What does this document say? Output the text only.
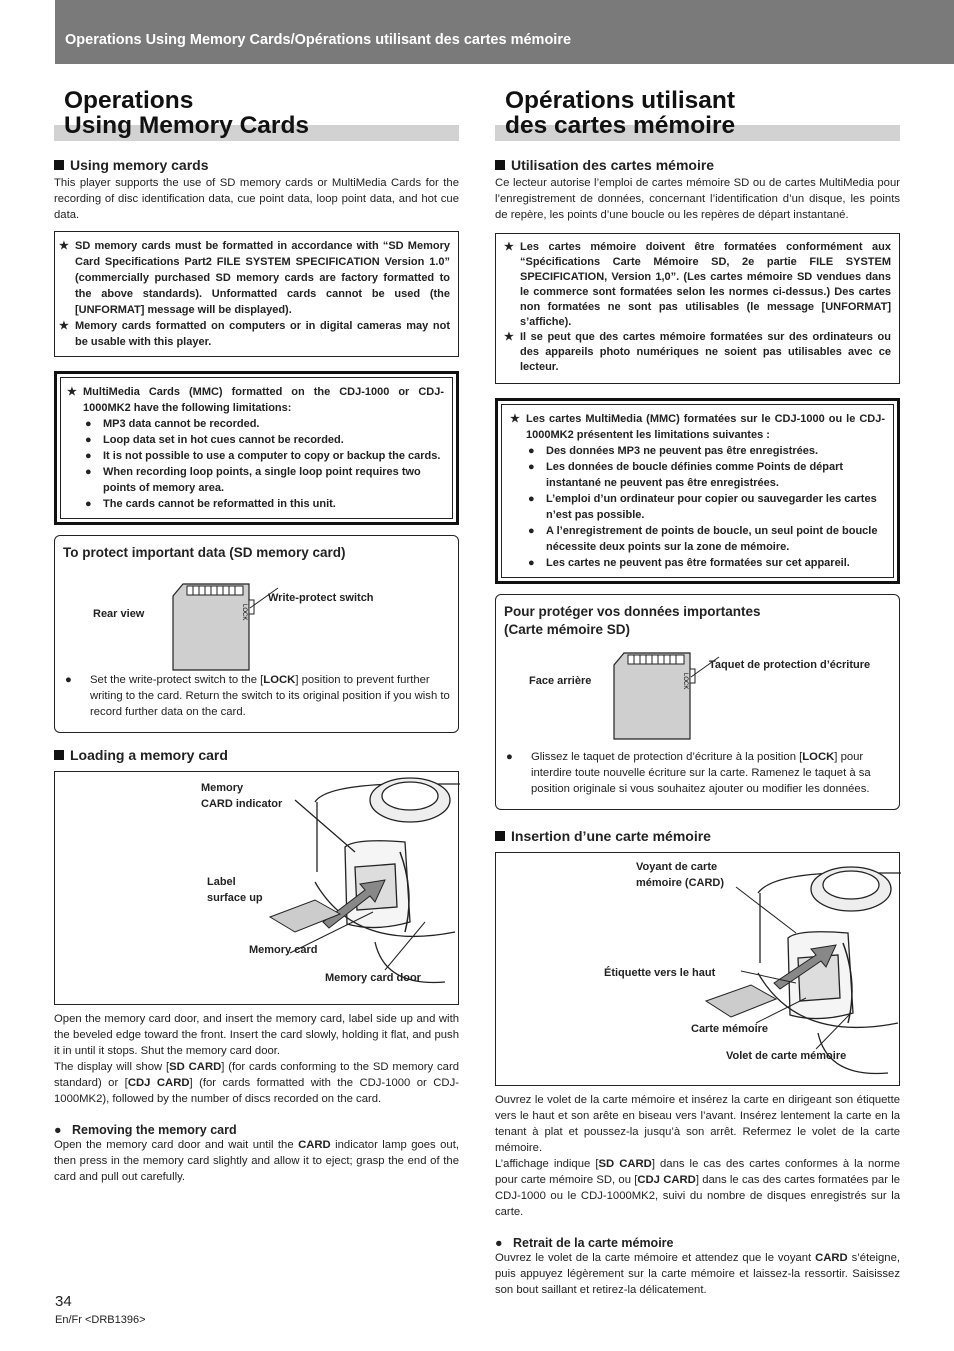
Operations Using Memory Cards/Opérations utilisant des cartes mémoire
Operations
Using Memory Cards
Using memory cards

This player supports the use of SD memory cards or MultiMedia Cards for the recording of disc identification data, cue point data, loop point data, and hot cue data.

★ SD memory cards must be formatted in accordance with “SD Memory Card Specifications Part2 FILE SYSTEM SPECIFICATION Version 1.0” (commercially purchased SD memory cards are factory formatted to the above standards). Unformatted cards cannot be used (the [UNFORMAT] message will be displayed).
★ Memory cards formatted on computers or in digital cameras may not be usable with this player.
★ MultiMedia Cards (MMC) formatted on the CDJ-1000 or CDJ-1000MK2 have the following limitations:
●	MP3 data cannot be recorded.
●	Loop data set in hot cues cannot be recorded.
●	It is not possible to use a computer to copy or backup the cards.
●	When recording loop points, a single loop point requires two points of memory area.
●	The cards cannot be reformatted in this unit.
To protect important data (SD memory card)
Rear view
Write-protect switch
LOCK
●	Set the write-protect switch to the [LOCK] position to prevent further writing to the card. Return the switch to its original position if you wish to record further data on the card.
Loading a memory card
Memory
CARD indicator
Label
surface up
Memory card
Memory card door

Open the memory card door, and insert the memory card, label side up and with the beveled edge toward the front. Insert the card slowly, holding it flat, and push it in until it stops. Shut the memory card door.

The display will show [SD CARD] (for cards conforming to the SD memory card standard) or [CDJ CARD] (for cards formatted with the CDJ-1000 or CDJ-1000MK2), followed by the number of discs recorded on the card.

● Removing the memory card

Open the memory card door and wait until the CARD indicator lamp goes out, then press in the memory card slightly and allow it to eject; grasp the end of the card and pull out carefully.

Opérations utilisant
des cartes mémoire
Utilisation des cartes mémoire

Ce lecteur autorise l’emploi de cartes mémoire SD ou de cartes MultiMedia pour l’enregistrement de données, concernant l’identification d’un disque, les points de repère, les points d’une boucle ou les repères de départ instantané.

★ Les cartes mémoire doivent être formatées conformément aux “Spécifications Carte Mémoire SD, 2e partie FILE SYSTEM SPECIFICATION, Version 1,0”. (Les cartes mémoire SD vendues dans le commerce sont formatées selon les normes ci-dessus.) Des cartes non formatées ne sont pas utilisables (le message [UNFORMAT] s’affiche).
★ Il se peut que des cartes mémoire formatées sur des ordinateurs ou des appareils photo numériques ne soient pas utilisables avec ce lecteur.
★ Les cartes MultiMedia (MMC) formatées sur le CDJ-1000 ou le CDJ-1000MK2 présentent les limitations suivantes :
●	Des données MP3 ne peuvent pas être enregistrées.
●	Les données de boucle définies comme Points de départ instantané ne peuvent pas être enregistrées.
●	L’emploi d’un ordinateur pour copier ou sauvegarder les cartes n’est pas possible.
●	A l’enregistrement de points de boucle, un seul point de boucle nécessite deux points sur la zone de mémoire.
●	Les cartes ne peuvent pas être formatées sur cet appareil.
Pour protéger vos données importantes
(Carte mémoire SD)
Face arrière
Taquet de protection d’écriture
LOCK
●	Glissez le taquet de protection d’écriture à la position [LOCK] pour interdire toute nouvelle écriture sur la carte. Ramenez le taquet à sa position originale si vous souhaitez ajouter ou modifier les données.
Insertion d’une carte mémoire
Voyant de carte
mémoire (CARD)
Étiquette vers le haut
Carte mémoire
Volet de carte mémoire

Ouvrez le volet de la carte mémoire et insérez la carte en dirigeant son étiquette vers le haut et son arête en biseau vers l’avant. Insérez lentement la carte en la tenant à plat et poussez-la jusqu’à son arrêt. Refermez le volet de la carte mémoire.

L’affichage indique [SD CARD] dans le cas des cartes conformes à la norme pour carte mémoire SD, ou [CDJ CARD] dans le cas des cartes formatées par le CDJ-1000 ou le CDJ-1000MK2, suivi du nombre de disques enregistrés sur la carte.

● Retrait de la carte mémoire

Ouvrez le volet de la carte mémoire et attendez que le voyant CARD s’éteigne, puis appuyez légèrement sur la carte mémoire et laissez-la ressortir. Saisissez son bout saillant et retirez-la délicatement.

34
En/Fr <DRB1396>
